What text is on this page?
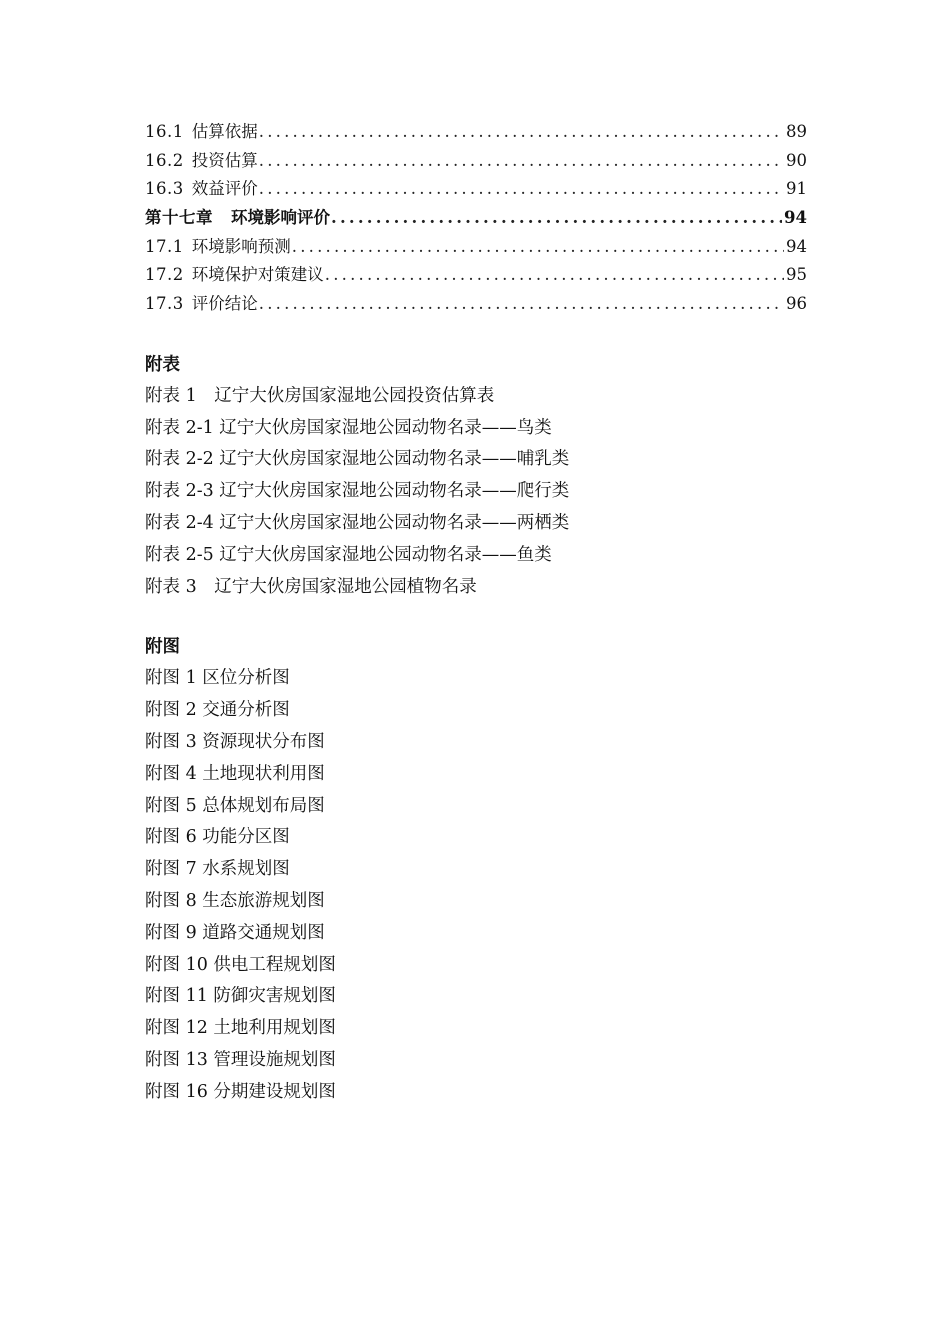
16.1 估算依据 .....	89
16.2 投资估算 .....	90
16.3 效益评价 .....	91
第十七章 环境影响评价 .....	94
17.1 环境影响预测 .....	94
17.2 环境保护对策建议 .....	95
17.3 评价结论 .....	96
附表
附表 1　辽宁大伙房国家湿地公园投资估算表
附表 2-1 辽宁大伙房国家湿地公园动物名录——鸟类
附表 2-2 辽宁大伙房国家湿地公园动物名录——哺乳类
附表 2-3 辽宁大伙房国家湿地公园动物名录——爬行类
附表 2-4 辽宁大伙房国家湿地公园动物名录——两栖类
附表 2-5 辽宁大伙房国家湿地公园动物名录——鱼类
附表 3　辽宁大伙房国家湿地公园植物名录
附图
附图 1 区位分析图
附图 2 交通分析图
附图 3 资源现状分布图
附图 4 土地现状利用图
附图 5 总体规划布局图
附图 6 功能分区图
附图 7 水系规划图
附图 8 生态旅游规划图
附图 9 道路交通规划图
附图 10 供电工程规划图
附图 11 防御灾害规划图
附图 12 土地利用规划图
附图 13 管理设施规划图
附图 16 分期建设规划图
